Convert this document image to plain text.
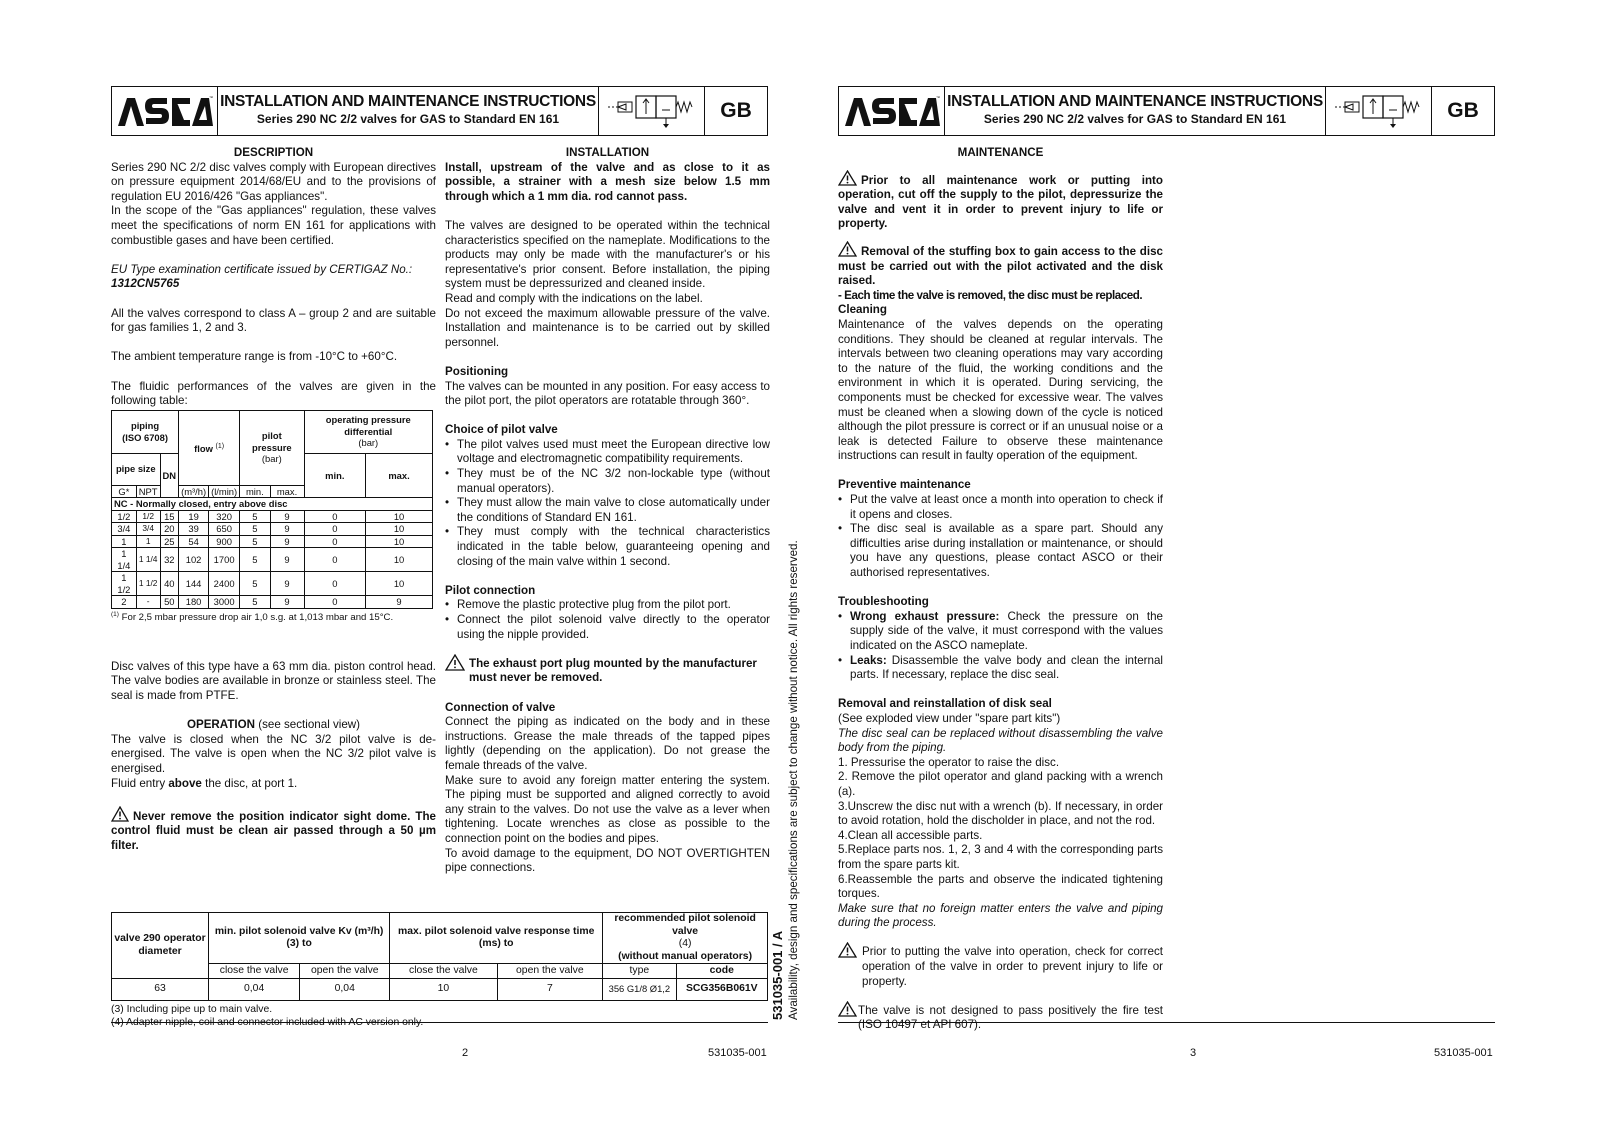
™ INSTALLATION AND MAINTENANCE INSTRUCTIONS
Series 290 NC 2/2 valves for GAS to Standard EN 161	GB

DESCRIPTION

Series 290 NC 2/2 disc valves comply with European directives on pressure equipment 2014/68/EU and to the provisions of regulation EU 2016/426 "Gas appliances".

In the scope of the "Gas appliances" regulation, these valves meet the specifications of norm EN 161 for applications with combustible gases and have been certified.

EU Type examination certificate issued by CERTIGAZ No.: 1312CN5765

All the valves correspond to class A – group 2 and are suitable for gas families 1, 2 and 3.

The ambient temperature range is from -10°C to +60°C.

The fluidic performances of the valves are given in the following table:

piping
(ISO 6708)			flow $^{(1)}$		pilot pressure
(bar)		operating pressure differential
(bar)	
pipe size		DN					min.	max.
G*	NPT		(m³/h)	(l/min)	min.	max.		
NC - Normally closed, entry above disc								
1/2	1/2	15	19	320	5	9	0	10
3/4	3/4	20	39	650	5	9	0	10
1	1	25	54	900	5	9	0	10
1 1/4	1 1/4	32	102	1700	5	9	0	10
1 1/2	1 1/2	40	144	2400	5	9	0	10
2	-	50	180	3000	5	9	0	9

$^{(1)}$ For 2,5 mbar pressure drop air 1,0 s.g. at 1,013 mbar and 15°C.

Disc valves of this type have a 63 mm dia. piston control head. The valve bodies are available in bronze or stainless steel. The seal is made from PTFE.

OPERATION (see sectional view)

The valve is closed when the NC 3/2 pilot valve is de-energised. The valve is open when the NC 3/2 pilot valve is energised.

Fluid entry above the disc, at port 1.

Never remove the position indicator sight dome. The control fluid must be clean air passed through a 50 µm filter.

INSTALLATION

Install, upstream of the valve and as close to it as possible, a strainer with a mesh size below 1.5 mm through which a 1 mm dia. rod cannot pass.

The valves are designed to be operated within the technical characteristics specified on the nameplate. Modifications to the products may only be made with the manufacturer's or his representative's prior consent. Before installation, the piping system must be depressurized and cleaned inside.

Read and comply with the indications on the label.

Do not exceed the maximum allowable pressure of the valve. Installation and maintenance is to be carried out by skilled personnel.

Positioning

The valves can be mounted in any position. For easy access to the pilot port, the pilot operators are rotatable through 360°.

Choice of pilot valve

• The pilot valves used must meet the European directive low voltage and electromagnetic compatibility requirements.
• They must be of the NC 3/2 non-lockable type (without manual operators).
• They must allow the main valve to close automatically under the conditions of Standard EN 161.
• They must comply with the technical characteristics indicated in the table below, guaranteeing opening and closing of the main valve within 1 second.

Pilot connection

• Remove the plastic protective plug from the pilot port.
• Connect the pilot solenoid valve directly to the operator using the nipple provided.

The exhaust port plug mounted by the manufacturer must never be removed.

Connection of valve

Connect the piping as indicated on the body and in these instructions. Grease the male threads of the tapped pipes lightly (depending on the application). Do not grease the female threads of the valve.

Make sure to avoid any foreign matter entering the system. The piping must be supported and aligned correctly to avoid any strain to the valves. Do not use the valve as a lever when tightening. Locate wrenches as close as possible to the connection point on the bodies and pipes.

To avoid damage to the equipment, DO NOT OVERTIGHTEN pipe connections.

valve 290 operator diameter	min. pilot solenoid valve Kv (m³/h) (3) to		max. pilot solenoid valve response time (ms) to		recommended pilot solenoid valve
(4)
(without manual operators)	
	close the valve	open the valve	close the valve	open the valve	type	code
63	0,04	0,04	10	7	356 G1/8 Ø1,2	SCG356B061V

(3) Including pipe up to main valve.

(4) Adapter nipple, coil and connector included with AC version only.

531035-001 / A Availability, design and specifications are subject to change without notice. All rights reserved.
2	531035-001
™ INSTALLATION AND MAINTENANCE INSTRUCTIONS
Series 290 NC 2/2 valves for GAS to Standard EN 161	GB

MAINTENANCE

Prior to all maintenance work or putting into operation, cut off the supply to the pilot, depressurize the valve and vent it in order to prevent injury to life or property.

Removal of the stuffing box to gain access to the disc must be carried out with the pilot activated and the disk raised.

- Each time the valve is removed, the disc must be replaced.

Cleaning

Maintenance of the valves depends on the operating conditions. They should be cleaned at regular intervals. The intervals between two cleaning operations may vary according to the nature of the fluid, the working conditions and the environment in which it is operated. During servicing, the components must be checked for excessive wear. The valves must be cleaned when a slowing down of the cycle is noticed although the pilot pressure is correct or if an unusual noise or a leak is detected Failure to observe these maintenance instructions can result in faulty operation of the equipment.

Preventive maintenance

• Put the valve at least once a month into operation to check if it opens and closes.
• The disc seal is available as a spare part. Should any difficulties arise during installation or maintenance, or should you have any questions, please contact ASCO or their authorised representatives.

Troubleshooting

• Wrong exhaust pressure: Check the pressure on the supply side of the valve, it must correspond with the values indicated on the ASCO nameplate.
• Leaks: Disassemble the valve body and clean the internal parts. If necessary, replace the disc seal.

Removal and reinstallation of disk seal

(See exploded view under "spare part kits")

The disc seal can be replaced without disassembling the valve body from the piping.

1. Pressurise the operator to raise the disc.
2. Remove the pilot operator and gland packing with a wrench (a).
3.Unscrew the disc nut with a wrench (b). If necessary, in order to avoid rotation, hold the discholder in place, and not the rod.
4.Clean all accessible parts.
5.Replace parts nos. 1, 2, 3 and 4 with the corresponding parts from the spare parts kit.
6.Reassemble the parts and observe the indicated tightening torques.

Make sure that no foreign matter enters the valve and piping during the process.

Prior to putting the valve into operation, check for correct operation of the valve in order to prevent injury to life or property.

The valve is not designed to pass positively the fire test (ISO 10497 et API 607).

3	531035-001
